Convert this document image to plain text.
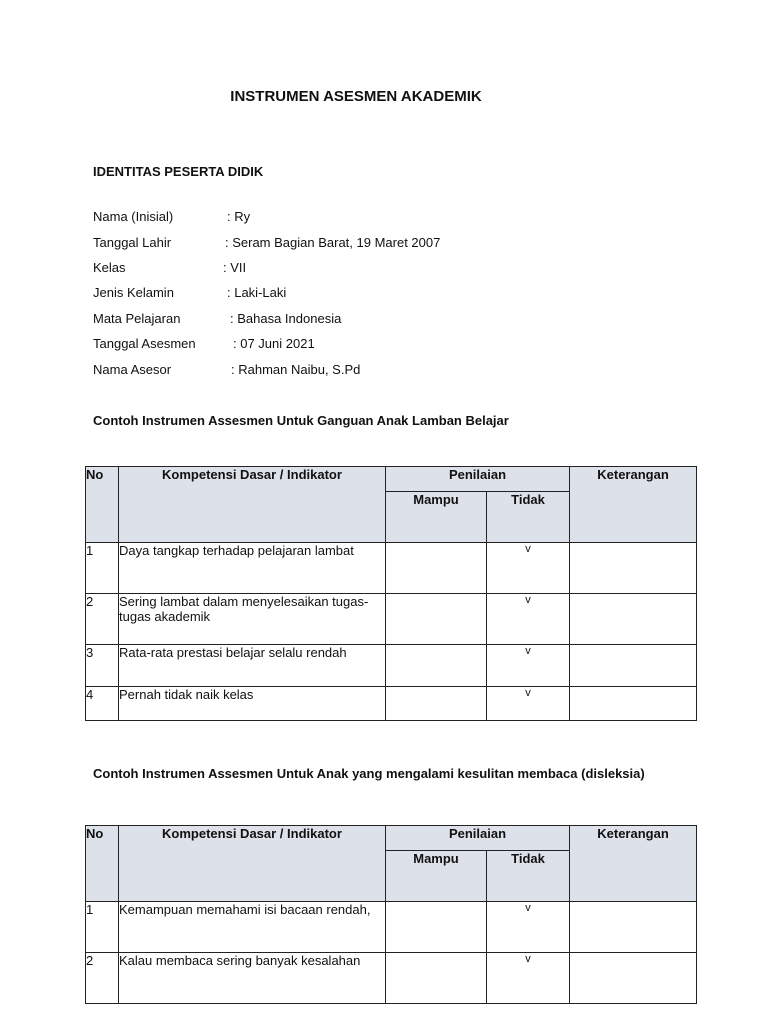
INSTRUMEN ASESMEN AKADEMIK
IDENTITAS PESERTA DIDIK
Nama (Inisial)	: Ry
Tanggal Lahir	: Seram Bagian Barat, 19 Maret 2007
Kelas	: VII
Jenis Kelamin	: Laki-Laki
Mata Pelajaran	: Bahasa Indonesia
Tanggal Asesmen	: 07 Juni 2021
Nama Asesor	: Rahman Naibu, S.Pd
Contoh Instrumen Assesmen Untuk Ganguan Anak Lamban Belajar
No	Kompetensi Dasar / Indikator	Penilaian		Keterangan
		Mampu	Tidak	
1	Daya tangkap terhadap pelajaran lambat		v	
2	Sering lambat dalam menyelesaikan tugas-tugas akademik		v	
3	Rata-rata prestasi belajar selalu rendah		v	
4	Pernah tidak naik kelas		v	
Contoh Instrumen Assesmen Untuk Anak yang mengalami kesulitan membaca (disleksia)
No	Kompetensi Dasar / Indikator	Penilaian		Keterangan
		Mampu	Tidak	
1	Kemampuan memahami isi bacaan rendah,		v	
2	Kalau membaca sering banyak kesalahan		v	
